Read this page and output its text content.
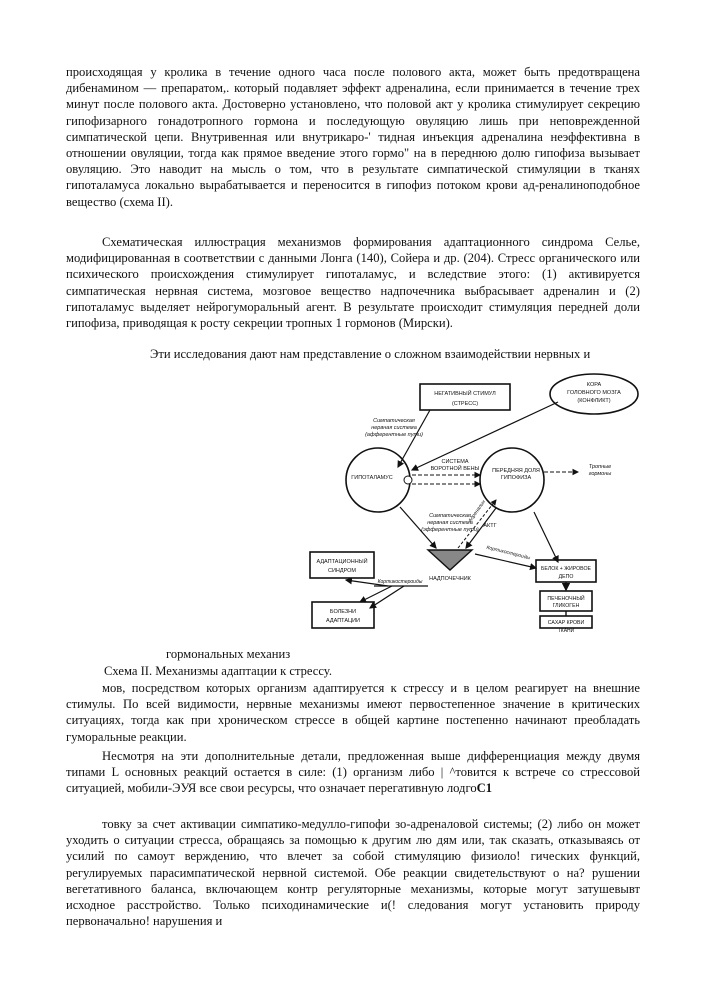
происходящая у кролика в течение одного часа после полового акта, может быть предотвращена дибенамином — препаратом,. который подавляет эффект адреналина, если принимается в течение трех минут после полового акта. Достоверно установлено, что половой акт у кролика стимулирует секрецию гипофизарного гонадотропного гормона и последующую овуляцию лишь при неповрежденной симпатической цепи. Внутривенная или внутрикаро-' тидная инъекция адреналина неэффективна в отношении овуляции, тогда как прямое введение этого гормо" на в переднюю долю гипофиза вызывает овуляцию. Это наводит на мысль о том, что в результате симпатической стимуляции в тканях гипоталамуса локально вырабатывается и переносится в гипофиз потоком крови ад-реналиноподобное вещество (схема II).

Схематическая иллюстрация механизмов формирования адаптационного синдрома Селье, модифицированная в соответствии с данными Лонга (140), Сойера и др. (204). Стресс органического или психического происхождения стимулирует гипоталамус, и вследствие этого: (1) активируется симпатическая нервная система, мозговое вещество надпочечника выбрасывает адреналин и (2) гипоталамус выделяет нейрогуморальный агент. В результате происходит стимуляция передней доли гипофиза, приводящая к росту секреции тропных 1 гормонов (Мирски).

Эти исследования дают нам представление о сложном взаимодействии нервных и

НЕГАТИВНЫЙ СТИМУЛ
(СТРЕСС)
КОРА
ГОЛОВНОГО МОЗГА
(КОНФЛИКТ)
Симпатическая
нервная система
(афферентные пути)
ГИПОТАЛАМУС
СИСТЕМА
ВОРОТНОЙ ВЕНЫ ПЕРЕДНЯЯ ДОЛЯ
ГИПОФИЗА
Тропные
гормоны
Симпатическая
нервная система
(эфферентные пути)
АКТГ
Адреналин
НАДПОЧЕЧНИК
Кортикостероиды
АДАПТАЦИОННЫЙ
СИНДРОМ
Кортикостероиды
БОЛЕЗНИ
АДАПТАЦИИ
БЕЛОК + ЖИРОВОЕ
ДЕПО
ПЕЧЕНОЧНЫЙ
ГЛИКОГЕН
САХАР КРОВИ
ТКАНИ

гормональных механиз

Схема II. Механизмы адаптации к стрессу.

мов, посредством которых организм адаптируется к стрессу и в целом реагирует на внешние стимулы. По всей видимости, нервные механизмы имеют первостепенное значение в критических ситуациях, тогда как при хроническом стрессе в общей картине постепенно начинают преобладать гуморальные реакции.

Несмотря на эти дополнительные детали, предложенная выше дифференциация между двумя типами L основных реакций остается в силе: (1) организм либо | ^товится к встрече со стрессовой ситуацией, мобили-ЭУЯ все свои ресурсы, что означает перегативную лодгоC1

товку за счет активации симпатико-медулло-гипофи зо-адреналовой системы; (2) либо он может уходить о ситуации стресса, обращаясь за помощью к другим лю дям или, так сказать, отказываясь от усилий по самоут верждению, что влечет за собой стимуляцию физиоло! гических функций, регулируемых парасимпатической нервной системой. Обе реакции свидетельствуют о на? рушении вегетативного баланса, включающем контр регуляторные механизмы, которые могут затушевывт исходное расстройство. Только психодинамические и(! следования могут установить природу первоначально! нарушения и
